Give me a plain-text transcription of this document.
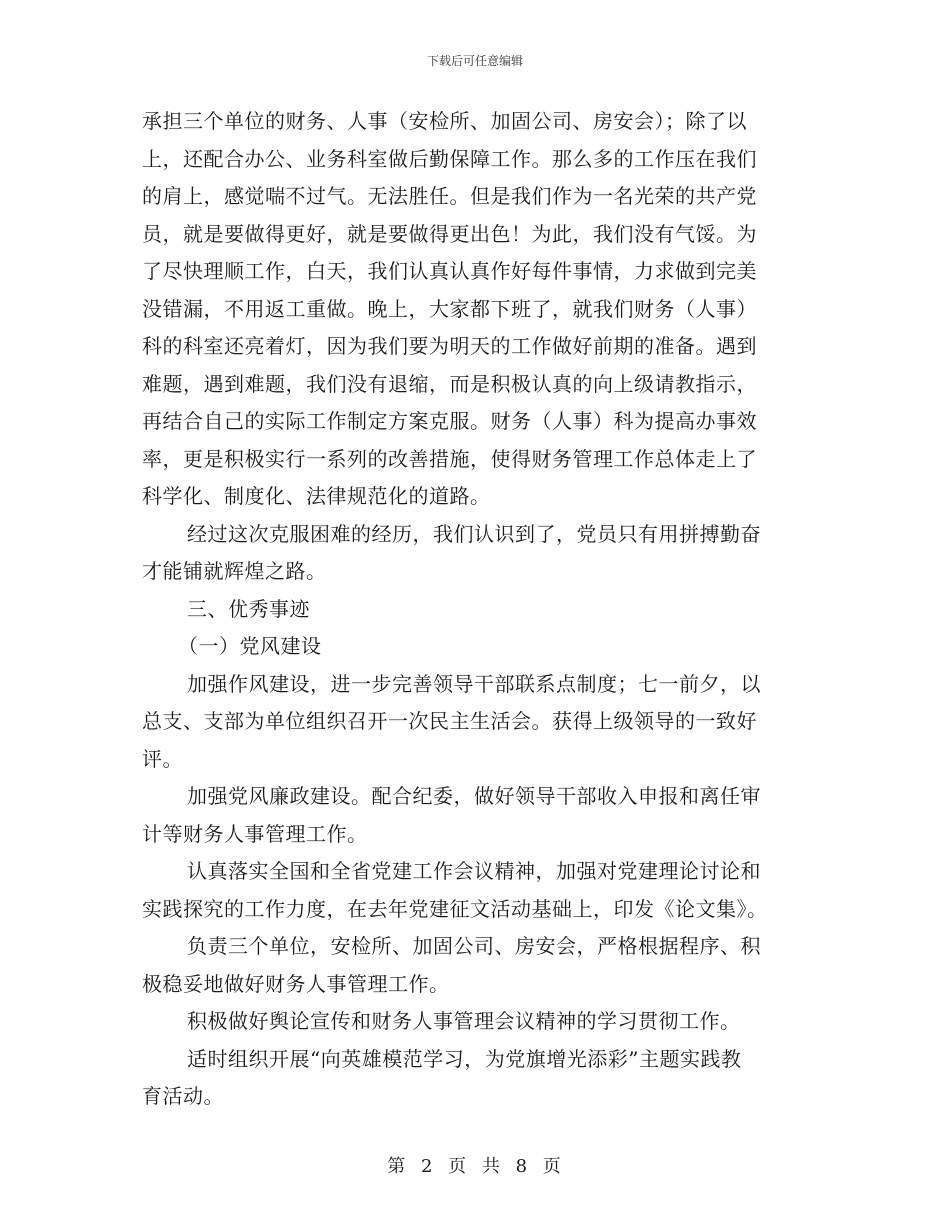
下载后可任意编辑
承担三个单位的财务、人事（安检所、加固公司、房安会）；除了以
上，还配合办公、业务科室做后勤保障工作。那么多的工作压在我们
的肩上，感觉喘不过气。无法胜任。但是我们作为一名光荣的共产党
员，就是要做得更好，就是要做得更出色！为此，我们没有气馁。为
了尽快理顺工作，白天，我们认真认真作好每件事情，力求做到完美
没错漏，不用返工重做。晚上，大家都下班了，就我们财务（人事）
科的科室还亮着灯，因为我们要为明天的工作做好前期的准备。遇到
难题，遇到难题，我们没有退缩，而是积极认真的向上级请教指示，
再结合自己的实际工作制定方案克服。财务（人事）科为提高办事效
率，更是积极实行一系列的改善措施，使得财务管理工作总体走上了
科学化、制度化、法律规范化的道路。
经过这次克服困难的经历，我们认识到了，党员只有用拼搏勤奋
才能铺就辉煌之路。
三、优秀事迹
（一）党风建设
加强作风建设，进一步完善领导干部联系点制度；七一前夕，以
总支、支部为单位组织召开一次民主生活会。获得上级领导的一致好
评。
加强党风廉政建设。配合纪委，做好领导干部收入申报和离任审
计等财务人事管理工作。
认真落实全国和全省党建工作会议精神，加强对党建理论讨论和
实践探究的工作力度，在去年党建征文活动基础上，印发《论文集》。
负责三个单位，安检所、加固公司、房安会，严格根据程序、积
极稳妥地做好财务人事管理工作。
积极做好舆论宣传和财务人事管理会议精神的学习贯彻工作。
适时组织开展“向英雄模范学习，为党旗增光添彩”主题实践教
育活动。
第 2 页 共 8 页
